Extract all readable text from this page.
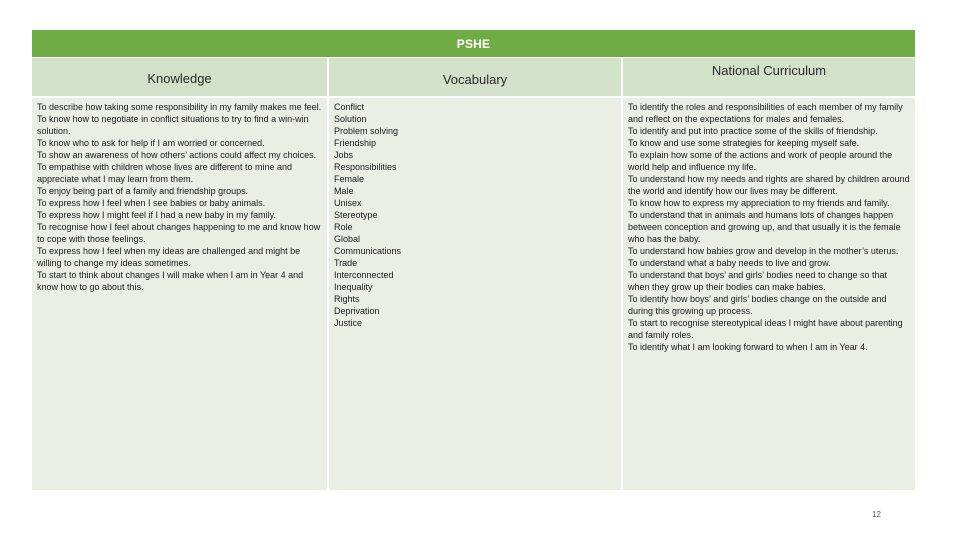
PSHE
Knowledge	Vocabulary
National Curriculum
To describe how taking some responsibility in my family makes me feel.
To know how to negotiate in conflict situations to try to find a win-win solution.
To know who to ask for help if I am worried or concerned.
To show an awareness of how others’ actions could affect my choices.
To empathise with children whose lives are different to mine and appreciate what I may learn from them.
To enjoy being part of a family and friendship groups.
To express how I feel when I see babies or baby animals.
To express how I might feel if I had a new baby in my family.
To recognise how I feel about changes happening to me and know how to cope with those feelings.
To express how I feel when my ideas are challenged and might be willing to change my ideas sometimes.
To start to think about changes I will make when I am in Year 4 and know how to go about this.
Conflict
Solution
Problem solving
Friendship
Jobs
Responsibilities
Female
Male
Unisex
Stereotype
Role
Global
Communications
Trade
Interconnected
Inequality
Rights
Deprivation
Justice
To identify the roles and responsibilities of each member of my family and reflect on the expectations for males and females.
To identify and put into practice some of the skills of friendship.
To know and use some strategies for keeping myself safe.
To explain how some of the actions and work of people around the world help and influence my life.
To understand how my needs and rights are shared by children around the world and identify how our lives may be different.
To know how to express my appreciation to my friends and family.
To understand that in animals and humans lots of changes happen between conception and growing up, and that usually it is the female who has the baby.
To understand how babies grow and develop in the mother’s uterus.
To understand what a baby needs to live and grow.
To understand that boys’ and girls’ bodies need to change so that when they grow up their bodies can make babies.
To identify how boys’ and girls’ bodies change on the outside and during this growing up process.
To start to recognise stereotypical ideas I might have about parenting and family roles.
To identify what I am looking forward to when I am in Year 4.
12
